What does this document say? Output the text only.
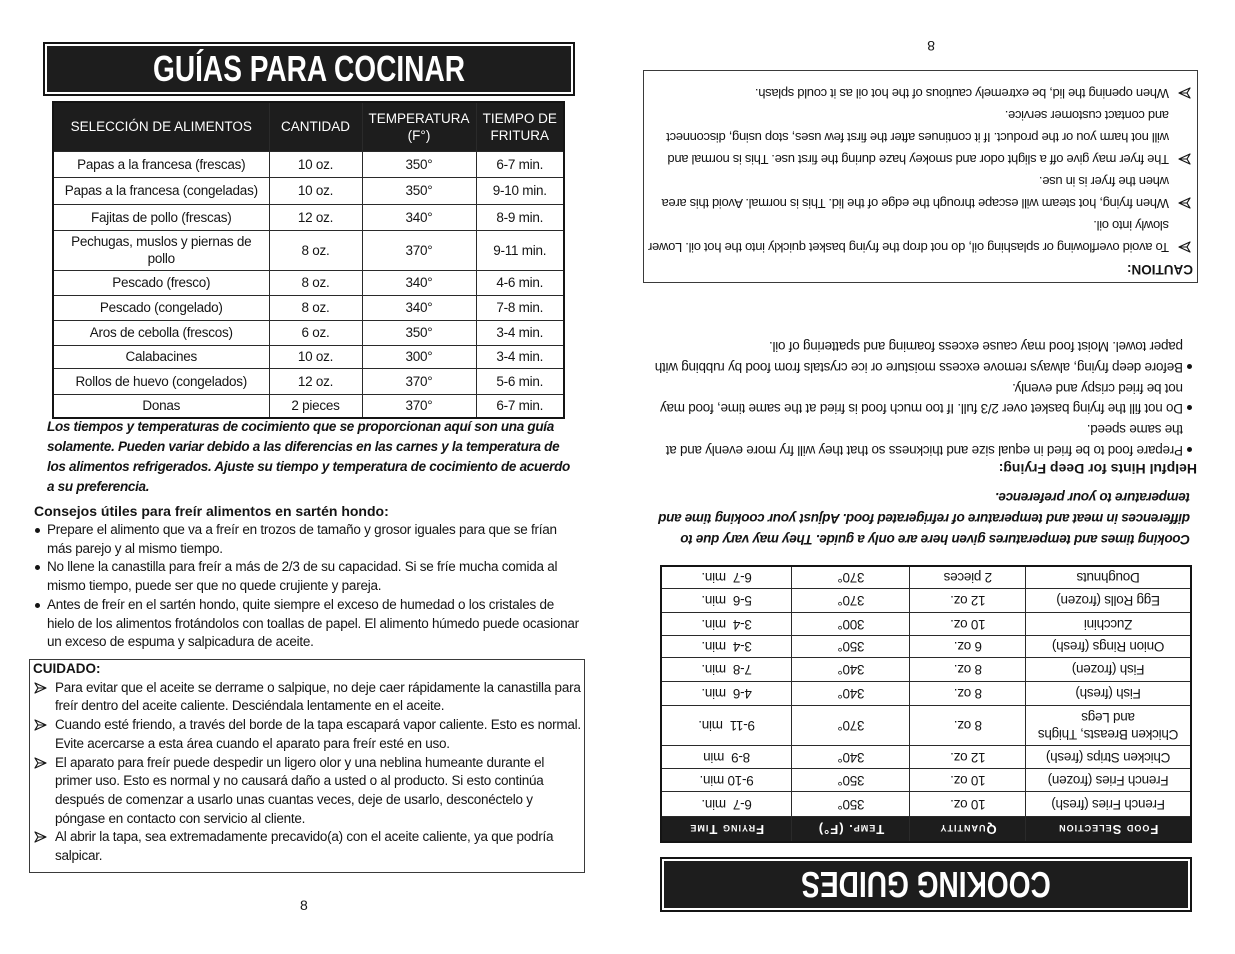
GUÍAS PARA COCINAR
SELECCIÓN DE ALIMENTOS	CANTIDAD	TEMPERATURA (F°)	TIEMPO DE FRITURA
Papas a la francesa (frescas)	10 oz.	350°	6-7 min.
Papas a la francesa (congeladas)	10 oz.	350°	9-10 min.
Fajitas de pollo (frescas)	12 oz.	340°	8-9 min.
Pechugas, muslos y piernas de pollo	8 oz.	370°	9-11 min.
Pescado (fresco)	8 oz.	340°	4-6 min.
Pescado (congelado)	8 oz.	340°	7-8 min.
Aros de cebolla (frescos)	6 oz.	350°	3-4 min.
Calabacines	10 oz.	300°	3-4 min.
Rollos de huevo (congelados)	12 oz.	370°	5-6 min.
Donas	2 pieces	370°	6-7 min.
Los tiempos y temperaturas de cocimiento que se proporcionan aquí son una guía solamente. Pueden variar debido a las diferencias en las carnes y la temperatura de los alimentos refrigerados. Ajuste su tiempo y temperatura de cocimiento de acuerdo a su preferencia.
Consejos útiles para freír alimentos en sartén hondo:
Prepare el alimento que va a freír en trozos de tamaño y grosor iguales para que se frían más parejo y al mismo tiempo.
No llene la canastilla para freír a más de 2/3 de su capacidad. Si se fríe mucha comida al mismo tiempo, puede ser que no quede crujiente y pareja.
Antes de freír en el sartén hondo, quite siempre el exceso de humedad o los cristales de hielo de los alimentos frotándolos con toallas de papel. El alimento húmedo puede ocasionar un exceso de espuma y salpicadura de aceite.
CUIDADO:
Para evitar que el aceite se derrame o salpique, no deje caer rápidamente la canastilla para freír dentro del aceite caliente. Desciéndala lentamente en el aceite.
Cuando esté friendo, a través del borde de la tapa escapará vapor caliente. Esto es normal. Evite acercarse a esta área cuando el aparato para freír esté en uso.
El aparato para freír puede despedir un ligero olor y una neblina humeante durante el primer uso. Esto es normal y no causará daño a usted o al producto. Si esto continúa después de comenzar a usarlo unas cuantas veces, deje de usarlo, desconéctelo y póngase en contacto con servicio al cliente.
Al abrir la tapa, sea extremadamente precavido(a) con el aceite caliente, ya que podría salpicar.
8	COOKING GUIDES
Food Selection	Quantity	Temp. (F°)	Frying Time
French Fries (fresh)	10 oz.	350°	6-7  min.
French Fries (frozen)	10 oz.	350°	9-10 min.
Chicken Strips (fresh)	12 oz.	340°	8-9  min
Chicken Breasts, Thighs and Legs	8 oz.	370°	9-11  min.
Fish (fresh)	8 oz.	340°	4-6  min.
Fish (frozen)	8 oz.	340°	7-8  min.
Onion Rings (fresh)	6 oz.	350°	3-4  min.
Zucchini	10 oz.	300°	3-4  min.
Egg Rolls (frozen)	12 oz.	370°	5-6  min.
Doughnuts	2 pieces	370°	6-7  min.
Cooking times and temperatures given here are only a guide. They may vary due to differences in meat and temperature of refrigerated food. Adjust your cooking time and temperature to your preference.
Helpful Hints for Deep Frying:
Prepare food to be fried in equal size and thickness so that they will fry more evenly and at the same speed.
Do not fill the frying basket over 2/3 full. If too much food is fried at the same time, food may not be fried crispy and evenly.
Before deep frying, always remove excess moisture or ice crystals from food by rubbing with paper towel. Moist food may cause excess foaming and spattering of oil.
CAUTION:
To avoid overflowing or splashing oil, do not drop the frying basket quickly into the hot oil. Lower slowly into oil.
When frying, hot steam will escape through the edge of the lid. This is normal. Avoid this area when the fryer is in use.
The fryer may give off a slight odor and smokey haze during the first use. This is normal and will not harm you or the product. If it continues after the first few uses, stop using, disconnect and contact customer service.
When opening the lid, be extremely cautious of the hot oil as it could splash.
8
